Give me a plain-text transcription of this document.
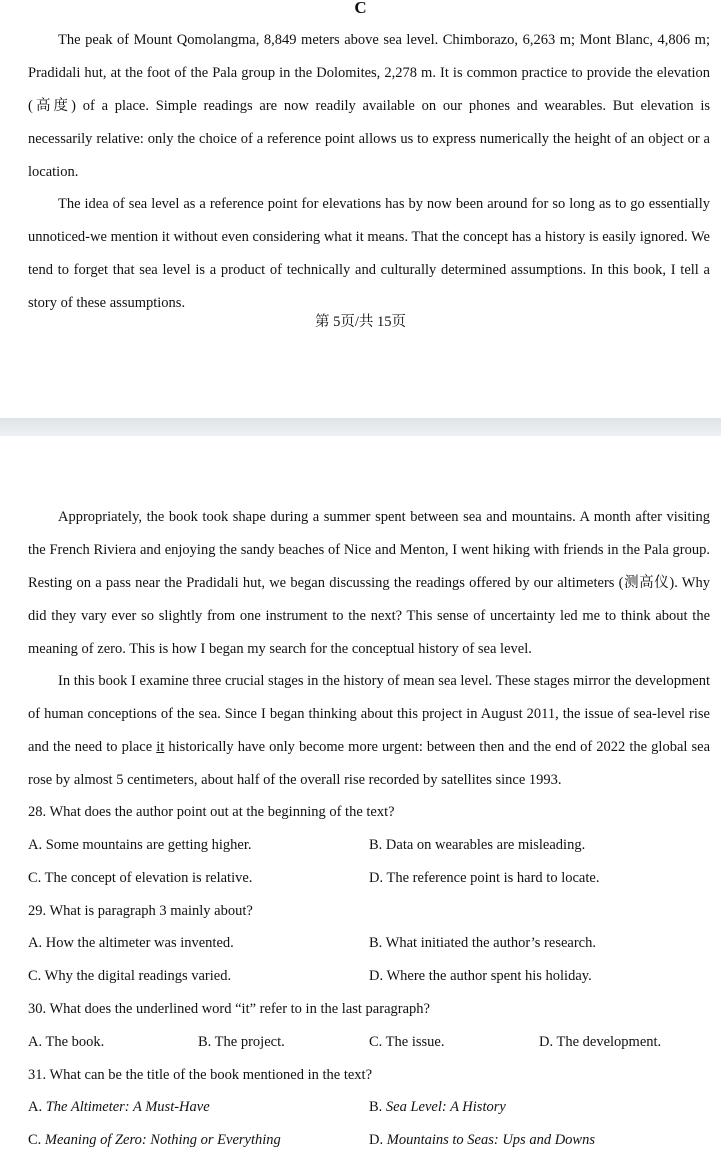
C

The peak of Mount Qomolangma, 8,849 meters above sea level. Chimborazo, 6,263 m; Mont Blanc, 4,806 m; Pradidali hut, at the foot of the Pala group in the Dolomites, 2,278 m. It is common practice to provide the elevation (高度) of a place. Simple readings are now readily available on our phones and wearables. But elevation is necessarily relative: only the choice of a reference point allows us to express numerically the height of an object or a location.

The idea of sea level as a reference point for elevations has by now been around for so long as to go essentially unnoticed-we mention it without even considering what it means. That the concept has a history is easily ignored. We tend to forget that sea level is a product of technically and culturally determined assumptions. In this book, I tell a story of these assumptions.

第 5页/共 15页

Appropriately, the book took shape during a summer spent between sea and mountains. A month after visiting the French Riviera and enjoying the sandy beaches of Nice and Menton, I went hiking with friends in the Pala group. Resting on a pass near the Pradidali hut, we began discussing the readings offered by our altimeters (测高仪). Why did they vary ever so slightly from one instrument to the next? This sense of uncertainty led me to think about the meaning of zero. This is how I began my search for the conceptual history of sea level.

In this book I examine three crucial stages in the history of mean sea level. These stages mirror the development of human conceptions of the sea. Since I began thinking about this project in August 2011, the issue of sea-level rise and the need to place it historically have only become more urgent: between then and the end of 2022 the global sea rose by almost 5 centimeters, about half of the overall rise recorded by satellites since 1993.

28. What does the author point out at the beginning of the text?
A. Some mountains are getting higher.	B. Data on wearables are misleading.
C. The concept of elevation is relative.	D. The reference point is hard to locate.
29. What is paragraph 3 mainly about?
A. How the altimeter was invented.	B. What initiated the author’s research.
C. Why the digital readings varied.	D. Where the author spent his holiday.
30. What does the underlined word “it” refer to in the last paragraph?
A. The book.	B. The project.	C. The issue.	D. The development.
31. What can be the title of the book mentioned in the text?
A. The Altimeter: A Must-Have	B. Sea Level: A History
C. Meaning of Zero: Nothing or Everything	D. Mountains to Seas: Ups and Downs
